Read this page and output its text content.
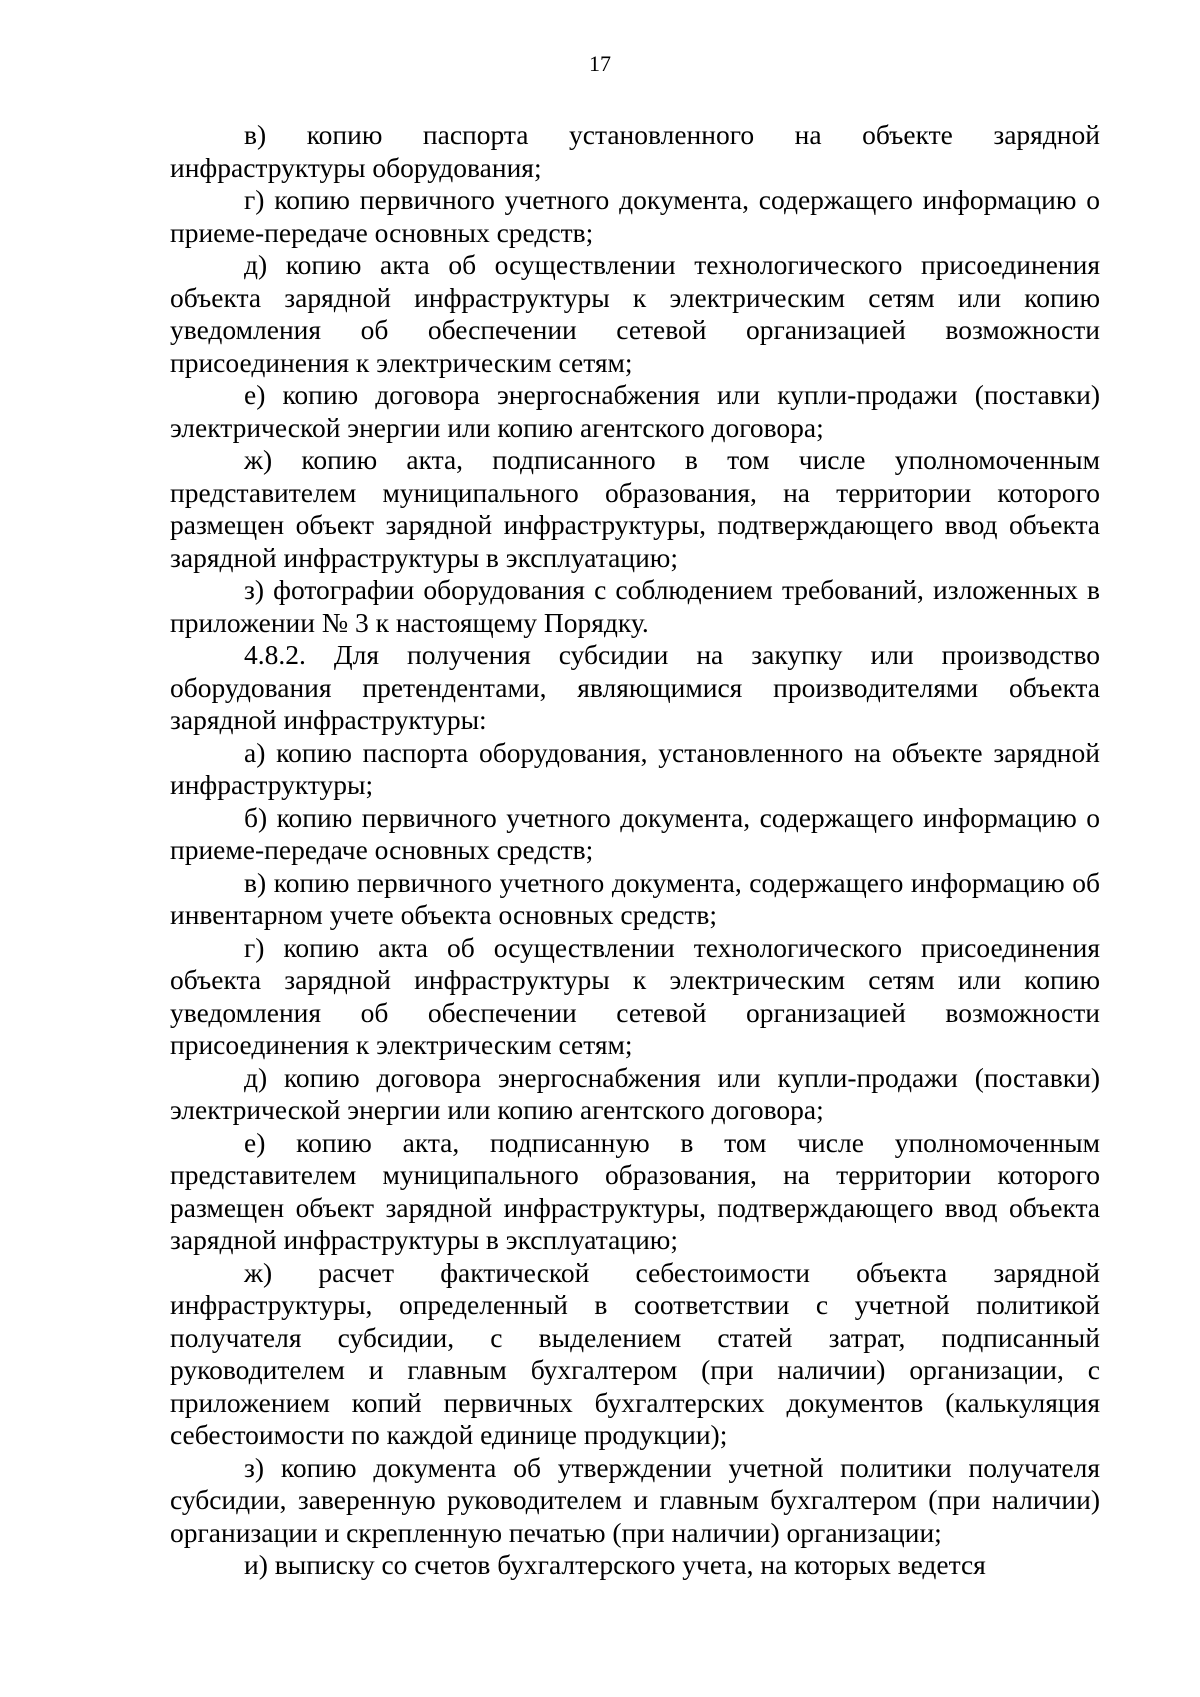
17

в) копию паспорта установленного на объекте зарядной инфраструктуры оборудования;

г) копию первичного учетного документа, содержащего информацию о приеме-передаче основных средств;

д) копию акта об осуществлении технологического присоединения объекта зарядной инфраструктуры к электрическим сетям или копию уведомления об обеспечении сетевой организацией возможности присоединения к электрическим сетям;

е) копию договора энергоснабжения или купли-продажи (поставки) электрической энергии или копию агентского договора;

ж) копию акта, подписанного в том числе уполномоченным представителем муниципального образования, на территории которого размещен объект зарядной инфраструктуры, подтверждающего ввод объекта зарядной инфраструктуры в эксплуатацию;

з) фотографии оборудования с соблюдением требований, изложенных в приложении № 3 к настоящему Порядку.

4.8.2. Для получения субсидии на закупку или производство оборудования претендентами, являющимися производителями объекта зарядной инфраструктуры:

а) копию паспорта оборудования, установленного на объекте зарядной инфраструктуры;

б) копию первичного учетного документа, содержащего информацию о приеме-передаче основных средств;

в) копию первичного учетного документа, содержащего информацию об инвентарном учете объекта основных средств;

г) копию акта об осуществлении технологического присоединения объекта зарядной инфраструктуры к электрическим сетям или копию уведомления об обеспечении сетевой организацией возможности присоединения к электрическим сетям;

д) копию договора энергоснабжения или купли-продажи (поставки) электрической энергии или копию агентского договора;

е) копию акта, подписанную в том числе уполномоченным представителем муниципального образования, на территории которого размещен объект зарядной инфраструктуры, подтверждающего ввод объекта зарядной инфраструктуры в эксплуатацию;

ж) расчет фактической себестоимости объекта зарядной инфраструктуры, определенный в соответствии с учетной политикой получателя субсидии, с выделением статей затрат, подписанный руководителем и главным бухгалтером (при наличии) организации, с приложением копий первичных бухгалтерских документов (калькуляция себестоимости по каждой единице продукции);

з) копию документа об утверждении учетной политики получателя субсидии, заверенную руководителем и главным бухгалтером (при наличии) организации и скрепленную печатью (при наличии) организации;

и) выписку со счетов бухгалтерского учета, на которых ведется
